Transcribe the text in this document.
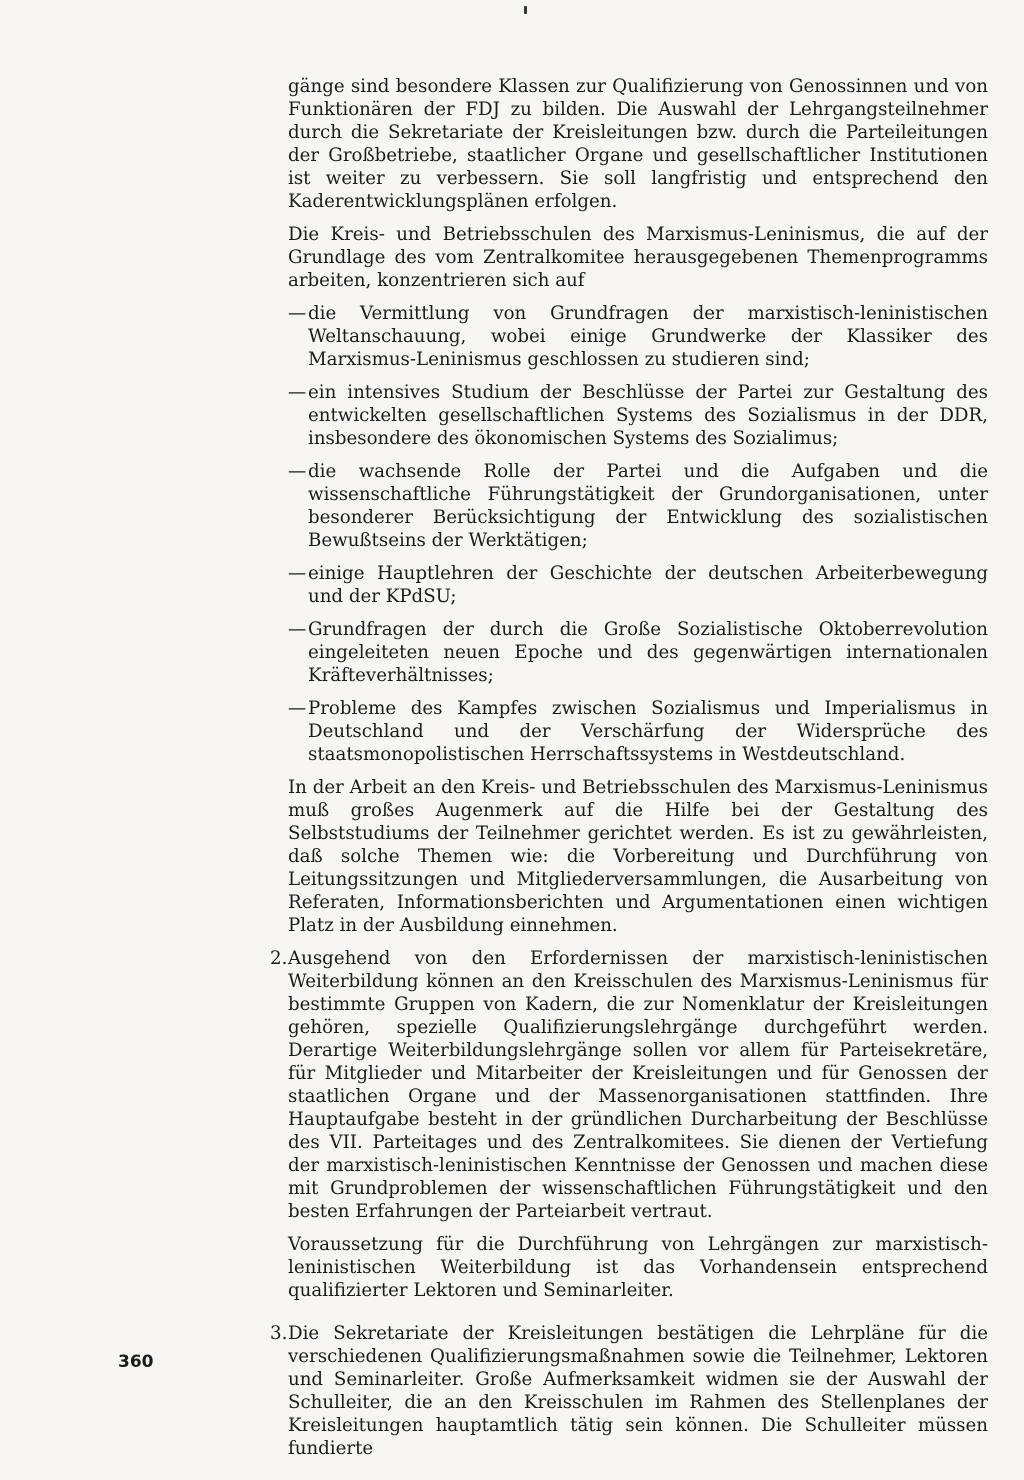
gänge sind besondere Klassen zur Qualifizierung von Genossinnen und von Funktionären der FDJ zu bilden. Die Auswahl der Lehrgangsteilnehmer durch die Sekretariate der Kreisleitungen bzw. durch die Parteileitungen der Großbetriebe, staatlicher Organe und gesellschaftlicher Institutionen ist weiter zu verbessern. Sie soll langfristig und entsprechend den Kaderentwicklungsplänen erfolgen.

Die Kreis- und Betriebsschulen des Marxismus-Leninismus, die auf der Grundlage des vom Zentralkomitee herausgegebenen Themenprogramms arbeiten, konzentrieren sich auf

— die Vermittlung von Grundfragen der marxistisch-leninistischen Weltanschauung, wobei einige Grundwerke der Klassiker des Marxismus-Leninismus geschlossen zu studieren sind;

— ein intensives Studium der Beschlüsse der Partei zur Gestaltung des entwickelten gesellschaftlichen Systems des Sozialismus in der DDR, insbesondere des ökonomischen Systems des Sozialimus;

— die wachsende Rolle der Partei und die Aufgaben und die wissenschaftliche Führungstätigkeit der Grundorganisationen, unter besonderer Berücksichtigung der Entwicklung des sozialistischen Bewußtseins der Werktätigen;

— einige Hauptlehren der Geschichte der deutschen Arbeiterbewegung und der KPdSU;

— Grundfragen der durch die Große Sozialistische Oktoberrevolution eingeleiteten neuen Epoche und des gegenwärtigen internationalen Kräfteverhältnisses;

— Probleme des Kampfes zwischen Sozialismus und Imperialismus in Deutschland und der Verschärfung der Widersprüche des staatsmonopolistischen Herrschaftssystems in Westdeutschland.

In der Arbeit an den Kreis- und Betriebsschulen des Marxismus-Leninismus muß großes Augenmerk auf die Hilfe bei der Gestaltung des Selbststudiums der Teilnehmer gerichtet werden. Es ist zu gewährleisten, daß solche Themen wie: die Vorbereitung und Durchführung von Leitungssitzungen und Mitgliederversammlungen, die Ausarbeitung von Referaten, Informationsberichten und Argumentationen einen wichtigen Platz in der Ausbildung einnehmen.

2. Ausgehend von den Erfordernissen der marxistisch-leninistischen Weiterbildung können an den Kreisschulen des Marxismus-Leninismus für bestimmte Gruppen von Kadern, die zur Nomenklatur der Kreisleitungen gehören, spezielle Qualifizierungslehrgänge durchgeführt werden. Derartige Weiterbildungslehrgänge sollen vor allem für Parteisekretäre, für Mitglieder und Mitarbeiter der Kreisleitungen und für Genossen der staatlichen Organe und der Massenorganisationen stattfinden. Ihre Hauptaufgabe besteht in der gründlichen Durcharbeitung der Beschlüsse des VII. Parteitages und des Zentralkomitees. Sie dienen der Vertiefung der marxistisch-leninistischen Kenntnisse der Genossen und machen diese mit Grundproblemen der wissenschaftlichen Führungstätigkeit und den besten Erfahrungen der Parteiarbeit vertraut.

Voraussetzung für die Durchführung von Lehrgängen zur marxistisch-leninistischen Weiterbildung ist das Vorhandensein entsprechend qualifizierter Lektoren und Seminarleiter.

3. Die Sekretariate der Kreisleitungen bestätigen die Lehrpläne für die verschiedenen Qualifizierungsmaßnahmen sowie die Teilnehmer, Lektoren und Seminarleiter. Große Aufmerksamkeit widmen sie der Auswahl der Schulleiter, die an den Kreisschulen im Rahmen des Stellenplanes der Kreisleitungen hauptamtlich tätig sein können. Die Schulleiter müssen fundierte

360
